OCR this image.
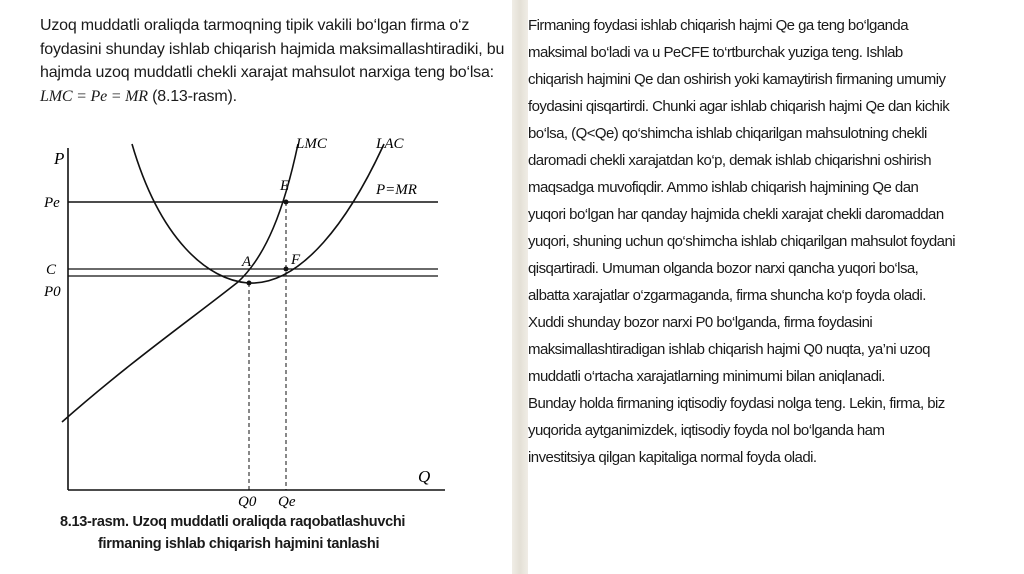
Uzoq muddatli oraliqda tarmoqning tipik vakili bo‘lgan firma o‘z foydasini shunday ishlab chiqarish hajmida maksimallashtiradiki, bu hajmda uzoq muddatli chekli xarajat mahsulot narxiga teng bo‘lsa: LMC = Pe = MR (8.13-rasm).

P
Q
LMC	LAC
P=MR
E
A	F
Pe
C
P0
Q0 Qe

8.13-rasm. Uzoq muddatli oraliqda raqobatlashuvchi
firmaning ishlab chiqarish hajmini tanlashi

Firmaning foydasi ishlab chiqarish hajmi Qe ga teng bo‘lganda
maksimal bo‘ladi va u PeCFE to‘rtburchak yuziga teng. Ishlab
chiqarish hajmini Qe dan oshirish yoki kamaytirish firmaning umumiy
foydasini qisqartirdi. Chunki agar ishlab chiqarish hajmi Qe dan kichik
bo‘lsa, (Q<Qe) qo‘shimcha ishlab chiqarilgan mahsulotning chekli
daromadi chekli xarajatdan ko‘p, demak ishlab chiqarishni oshirish
maqsadga muvofiqdir. Ammo ishlab chiqarish hajmining Qe dan
yuqori bo‘lgan har qanday hajmida chekli xarajat chekli daromaddan
yuqori, shuning uchun qo‘shimcha ishlab chiqarilgan mahsulot foydani
qisqartiradi. Umuman olganda bozor narxi qancha yuqori bo‘lsa,
albatta xarajatlar o‘zgarmaganda, firma shuncha ko‘p foyda oladi.
Xuddi shunday bozor narxi P0 bo‘lganda, firma foydasini
maksimallashtiradigan ishlab chiqarish hajmi Q0 nuqta, ya’ni uzoq
muddatli o‘rtacha xarajatlarning minimumi bilan aniqlanadi.
Bunday holda firmaning iqtisodiy foydasi nolga teng. Lekin, firma, biz
yuqorida aytganimizdek, iqtisodiy foyda nol bo‘lganda ham
investitsiya qilgan kapitaliga normal foyda oladi.
